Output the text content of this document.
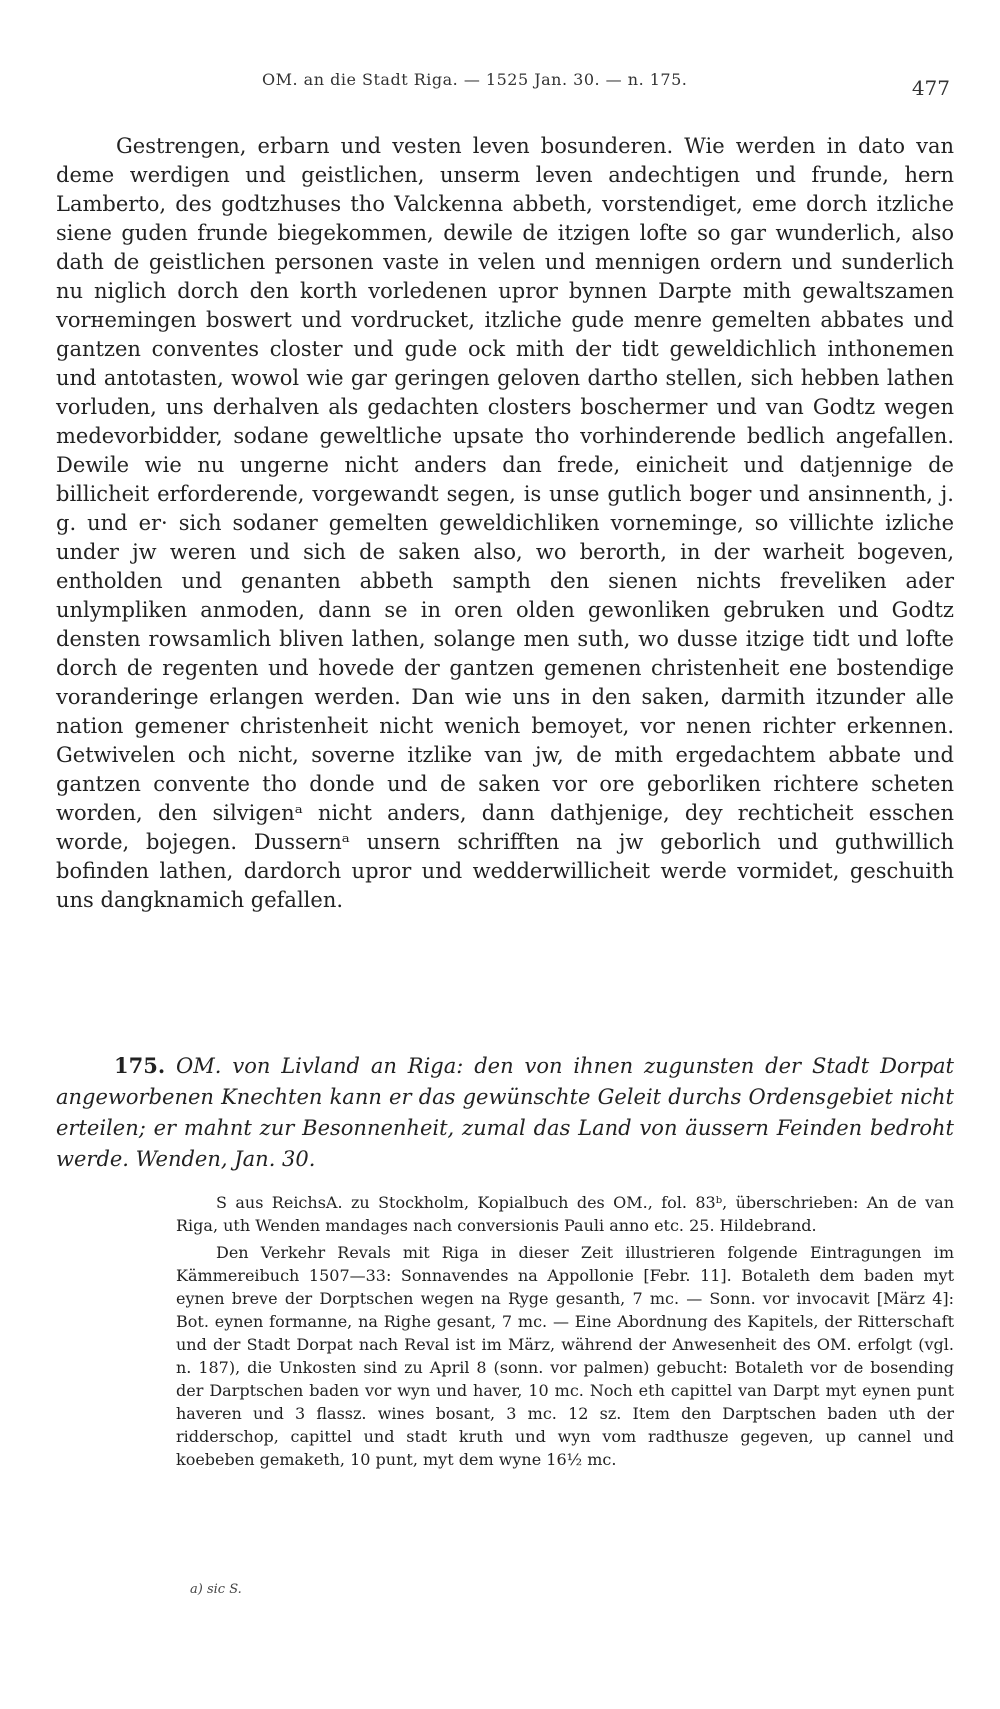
OM. an die Stadt Riga. — 1525 Jan. 30. — n. 175.	477

Gestrengen, erbarn und vesten leven bosunderen. Wie werden in dato van deme werdigen und geistlichen, unserm leven andechtigen und frunde, hern Lamberto, des godtzhuses tho Valckenna abbeth, vorstendiget, eme dorch itzliche siene guden frunde biegekommen, dewile de itzigen lofte so gar wunderlich, also dath de geistlichen personen vaste in velen und mennigen ordern und sunderlich nu niglich dorch den korth vorledenen upror bynnen Darpte mith gewaltszamen vorнemingen boswert und vordrucket, itzliche gude menre gemelten abbates und gantzen conventes closter und gude ock mith der tidt geweldichlich inthonemen und antotasten, wowol wie gar geringen geloven dartho stellen, sich hebben lathen vorluden, uns derhalven als gedachten closters boschermer und van Godtz wegen medevorbidder, sodane geweltliche upsate tho vorhinderende bedlich angefallen. Dewile wie nu ungerne nicht anders dan frede, einicheit und datjennige de billicheit erforderende, vorgewandt segen, is unse gutlich boger und ansinnenth, j. g. und er· sich sodaner gemelten geweldichliken vorneminge, so villichte izliche under jw weren und sich de saken also, wo berorth, in der warheit bogeven, entholden und genanten abbeth sampth den sienen nichts freveliken ader unlympliken anmoden, dann se in oren olden gewonliken gebruken und Godtz densten rowsamlich bliven lathen, solange men suth, wo dusse itzige tidt und lofte dorch de regenten und hovede der gantzen gemenen christenheit ene bostendige voranderinge erlangen werden. Dan wie uns in den saken, darmith itzunder alle nation gemener christenheit nicht wenich bemoyet, vor nenen richter erkennen. Getwivelen och nicht, soverne itzlike van jw, de mith ergedachtem abbate und gantzen convente tho donde und de saken vor ore geborliken richtere scheten worden, den silvigenᵃ nicht anders, dann dathjenige, dey rechticheit esschen worde, bojegen. Dussernᵃ unsern schrifften na jw geborlich und guthwillich bofinden lathen, dardorch upror und wedderwillicheit werde vormidet, geschuith uns dangknamich gefallen.

175. OM. von Livland an Riga: den von ihnen zugunsten der Stadt Dorpat angeworbenen Knechten kann er das gewünschte Geleit durchs Ordensgebiet nicht erteilen; er mahnt zur Besonnenheit, zumal das Land von äussern Feinden bedroht werde. Wenden, Jan. 30.

S aus ReichsA. zu Stockholm, Kopialbuch des OM., fol. 83ᵇ, überschrieben: An de van Riga, uth Wenden mandages nach conversionis Pauli anno etc. 25. Hildebrand.

Den Verkehr Revals mit Riga in dieser Zeit illustrieren folgende Eintragungen im Kämmereibuch 1507—33: Sonnavendes na Appollonie [Febr. 11]. Botaleth dem baden myt eynen breve der Dorptschen wegen na Ryge gesanth, 7 mc. — Sonn. vor invocavit [März 4]: Bot. eynen formanne, na Righe gesant, 7 mc. — Eine Abordnung des Kapitels, der Ritterschaft und der Stadt Dorpat nach Reval ist im März, während der Anwesenheit des OM. erfolgt (vgl. n. 187), die Unkosten sind zu April 8 (sonn. vor palmen) gebucht: Botaleth vor de bosending der Darptschen baden vor wyn und haver, 10 mc. Noch eth capittel van Darpt myt eynen punt haveren und 3 flassz. wines bosant, 3 mc. 12 sz. Item den Darptschen baden uth der ridderschop, capittel und stadt kruth und wyn vom radthusze gegeven, up cannel und koebeben gemaketh, 10 punt, myt dem wyne 16½ mc.

a) sic S.
